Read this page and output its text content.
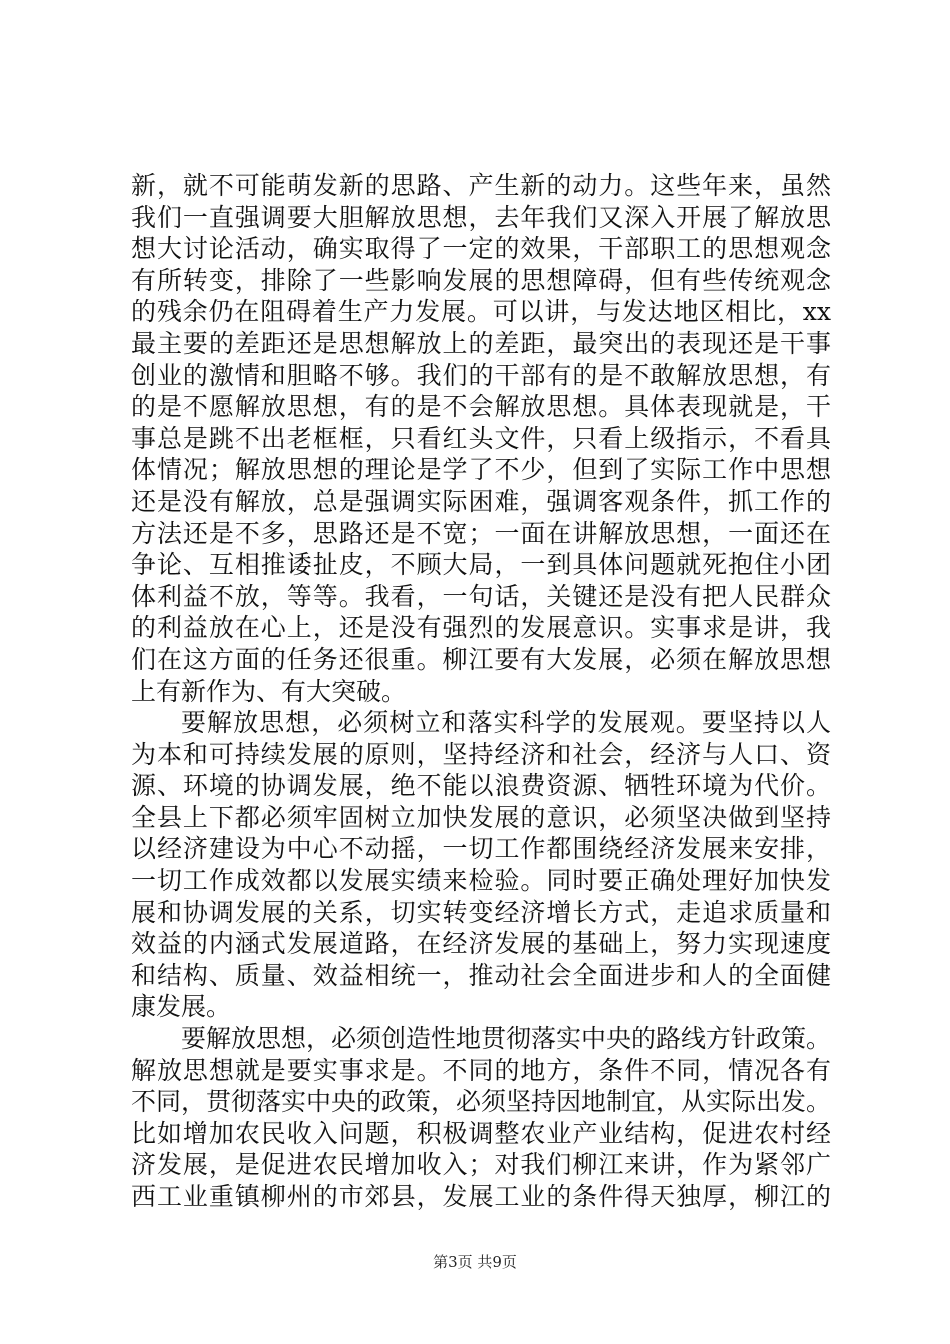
新，就不可能萌发新的思路、产生新的动力。这些年来，虽然
我们一直强调要大胆解放思想，去年我们又深入开展了解放思
想大讨论活动，确实取得了一定的效果，干部职工的思想观念
有所转变，排除了一些影响发展的思想障碍，但有些传统观念
的残余仍在阻碍着生产力发展。可以讲，与发达地区相比，xx
最主要的差距还是思想解放上的差距，最突出的表现还是干事
创业的激情和胆略不够。我们的干部有的是不敢解放思想，有
的是不愿解放思想，有的是不会解放思想。具体表现就是，干
事总是跳不出老框框，只看红头文件，只看上级指示，不看具
体情况；解放思想的理论是学了不少，但到了实际工作中思想
还是没有解放，总是强调实际困难，强调客观条件，抓工作的
方法还是不多，思路还是不宽；一面在讲解放思想，一面还在
争论、互相推诿扯皮，不顾大局，一到具体问题就死抱住小团
体利益不放，等等。我看，一句话，关键还是没有把人民群众
的利益放在心上，还是没有强烈的发展意识。实事求是讲，我
们在这方面的任务还很重。柳江要有大发展，必须在解放思想
上有新作为、有大突破。
要解放思想，必须树立和落实科学的发展观。要坚持以人
为本和可持续发展的原则，坚持经济和社会，经济与人口、资
源、环境的协调发展，绝不能以浪费资源、牺牲环境为代价。
全县上下都必须牢固树立加快发展的意识，必须坚决做到坚持
以经济建设为中心不动摇，一切工作都围绕经济发展来安排，
一切工作成效都以发展实绩来检验。同时要正确处理好加快发
展和协调发展的关系，切实转变经济增长方式，走追求质量和
效益的内涵式发展道路，在经济发展的基础上，努力实现速度
和结构、质量、效益相统一，推动社会全面进步和人的全面健
康发展。
要解放思想，必须创造性地贯彻落实中央的路线方针政策。
解放思想就是要实事求是。不同的地方，条件不同，情况各有
不同，贯彻落实中央的政策，必须坚持因地制宜，从实际出发。
比如增加农民收入问题，积极调整农业产业结构，促进农村经
济发展，是促进农民增加收入；对我们柳江来讲，作为紧邻广
西工业重镇柳州的市郊县，发展工业的条件得天独厚，柳江的
第3页 共9页
